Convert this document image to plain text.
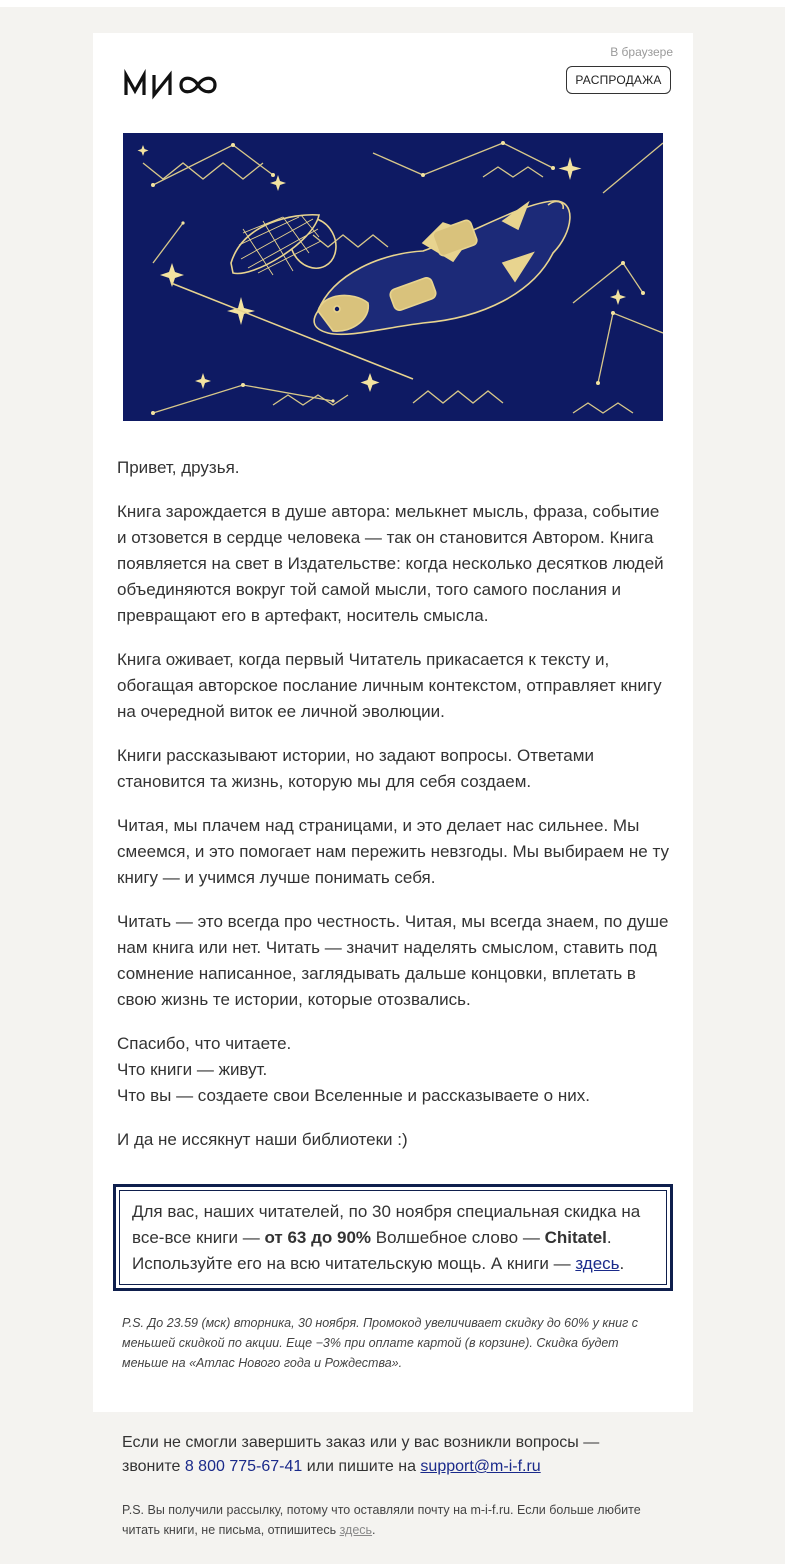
В браузере
РАСПРОДАЖА

Привет, друзья.

Книга зарождается в душе автора: мелькнет мысль, фраза, событие и отзовется в сердце человека — так он становится Автором. Книга появляется на свет в Издательстве: когда несколько десятков людей объединяются вокруг той самой мысли, того самого послания и превращают его в артефакт, носитель смысла.

Книга оживает, когда первый Читатель прикасается к тексту и, обогащая авторское послание личным контекстом, отправляет книгу на очередной виток ее личной эволюции.

Книги рассказывают истории, но задают вопросы. Ответами становится та жизнь, которую мы для себя создаем.

Читая, мы плачем над страницами, и это делает нас сильнее. Мы смеемся, и это помогает нам пережить невзгоды. Мы выбираем не ту книгу — и учимся лучше понимать себя.

Читать — это всегда про честность. Читая, мы всегда знаем, по душе нам книга или нет. Читать — значит наделять смыслом, ставить под сомнение написанное, заглядывать дальше концовки, вплетать в свою жизнь те истории, которые отозвались.

Спасибо, что читаете.
Что книги — живут.
Что вы — создаете свои Вселенные и рассказываете о них.

И да не иссякнут наши библиотеки :)

Для вас, наших читателей, по 30 ноября специальная скидка на все-все книги — от 63 до 90% Волшебное слово — Chitatel. Используйте его на всю читательскую мощь. А книги — здесь.
P.S. До 23.59 (мск) вторника, 30 ноября. Промокод увеличивает скидку до 60% у книг с меньшей скидкой по акции. Еще −3% при оплате картой (в корзине). Скидка будет меньше на «Атлас Нового года и Рождества».
Если не смогли завершить заказ или у вас возникли вопросы — звоните 8 800 775-67-41 или пишите на support@m-i-f.ru
P.S. Вы получили рассылку, потому что оставляли почту на m-i-f.ru. Если больше любите читать книги, не письма, отпишитесь здесь.
